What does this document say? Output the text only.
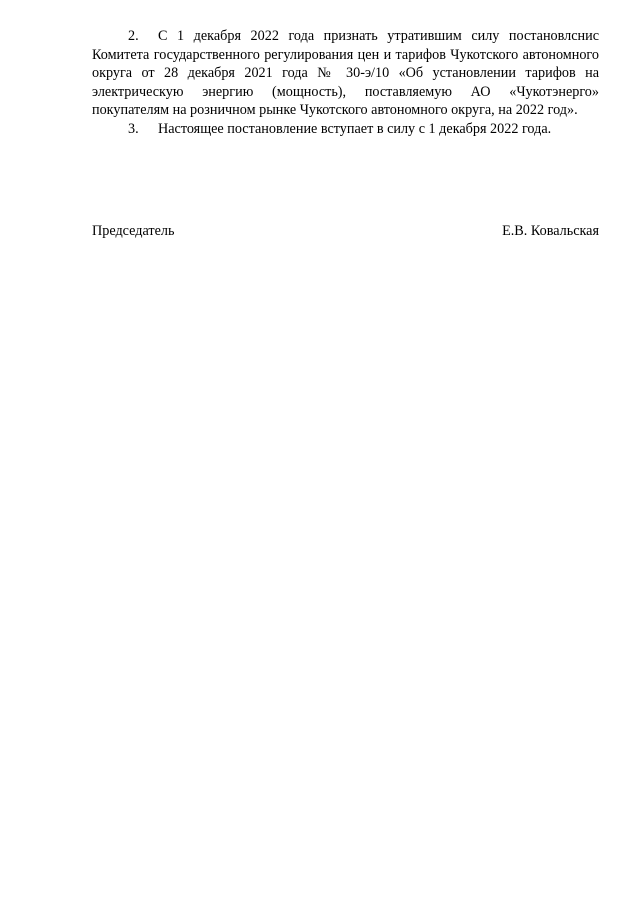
2. С 1 декабря 2022 года признать утратившим силу постановлснис Комитета государственного регулирования цен и тарифов Чукотского автономного округа от 28 декабря 2021 года № 30-э/10 «Об установлении тарифов на электрическую энергию (мощность), поставляемую АО «Чукотэнерго» покупателям на розничном рынке Чукотского автономного округа, на 2022 год».

3. Настоящее постановление вступает в силу с 1 декабря 2022 года.

Председатель	Е.В. Ковальская
